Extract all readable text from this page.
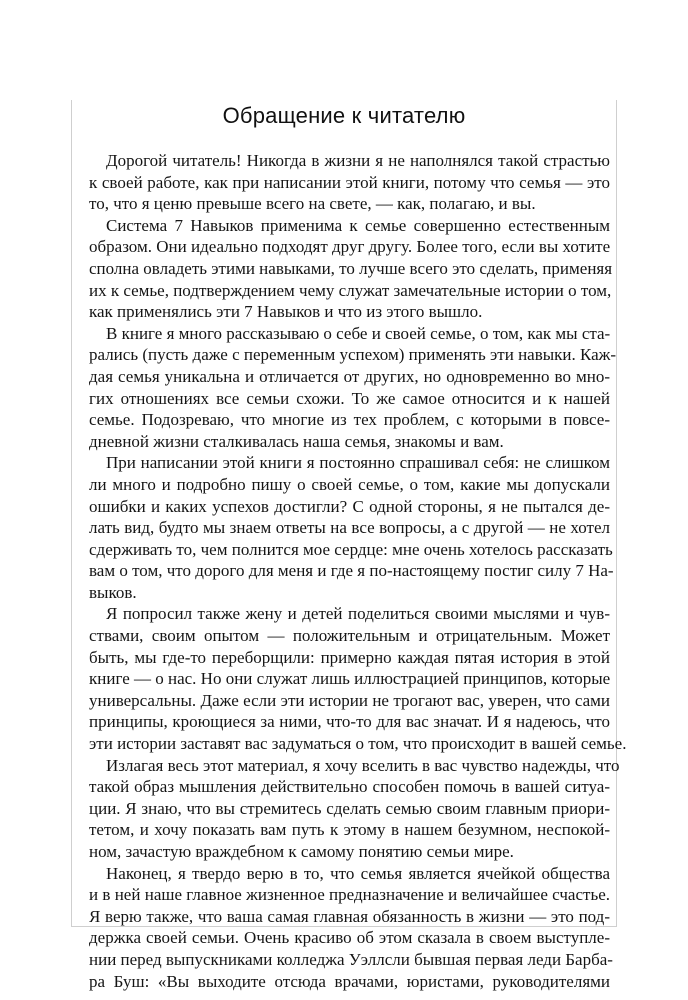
Обращение к читателю
Дорогой читатель! Никогда в жизни я не наполнялся такой страстью
к своей работе, как при написании этой книги, потому что семья — это
то, что я ценю превыше всего на свете, — как, полагаю, и вы.
Система 7 Навыков применима к семье совершенно естественным
образом. Они идеально подходят друг другу. Более того, если вы хотите
сполна овладеть этими навыками, то лучше всего это сделать, применяя
их к семье, подтверждением чему служат замечательные истории о том,
как применялись эти 7 Навыков и что из этого вышло.
В книге я много рассказываю о себе и своей семье, о том, как мы ста-
рались (пусть даже с переменным успехом) применять эти навыки. Каж-
дая семья уникальна и отличается от других, но одновременно во мно-
гих отношениях все семьи схожи. То же самое относится и к нашей
семье. Подозреваю, что многие из тех проблем, с которыми в повсе-
дневной жизни сталкивалась наша семья, знакомы и вам.
При написании этой книги я постоянно спрашивал себя: не слишком
ли много и подробно пишу о своей семье, о том, какие мы допускали
ошибки и каких успехов достигли? С одной стороны, я не пытался де-
лать вид, будто мы знаем ответы на все вопросы, а с другой — не хотел
сдерживать то, чем полнится мое сердце: мне очень хотелось рассказать
вам о том, что дорого для меня и где я по-настоящему постиг силу 7 На-
выков.
Я попросил также жену и детей поделиться своими мыслями и чув-
ствами, своим опытом — положительным и отрицательным. Может
быть, мы где-то переборщили: примерно каждая пятая история в этой
книге — о нас. Но они служат лишь иллюстрацией принципов, которые
универсальны. Даже если эти истории не трогают вас, уверен, что сами
принципы, кроющиеся за ними, что-то для вас значат. И я надеюсь, что
эти истории заставят вас задуматься о том, что происходит в вашей семье.
Излагая весь этот материал, я хочу вселить в вас чувство надежды, что
такой образ мышления действительно способен помочь в вашей ситуа-
ции. Я знаю, что вы стремитесь сделать семью своим главным приори-
тетом, и хочу показать вам путь к этому в нашем безумном, неспокой-
ном, зачастую враждебном к самому понятию семьи мире.
Наконец, я твердо верю в то, что семья является ячейкой общества
и в ней наше главное жизненное предназначение и величайшее счастье.
Я верю также, что ваша самая главная обязанность в жизни — это под-
держка своей семьи. Очень красиво об этом сказала в своем выступле-
нии перед выпускниками колледжа Уэллсли бывшая первая леди Барба-
ра Буш: «Вы выходите отсюда врачами, юристами, руководителями
